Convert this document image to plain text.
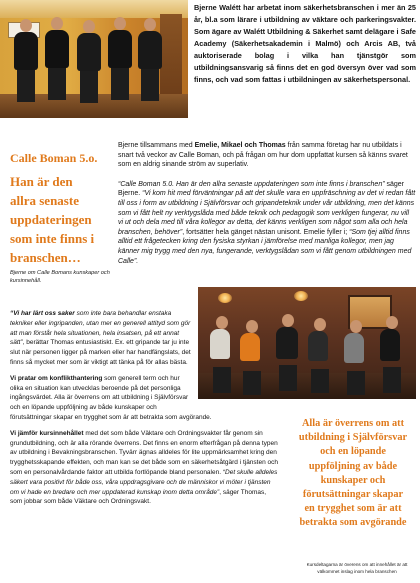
Bjerne Walétt har arbetat inom säkerhetsbranschen i mer än 25 år, bl.a som lärare i utbildning av väktare och parkeringsvakter. Som ägare av Walétt Utbildning & Säkerhet samt delägare i Safe Academy (Säkerhetsakademin i Malmö) och Arcis AB, två auktoriserade bolag i vilka han tjänstgör som utbildningsansvarig så finns det en god översyn över vad som finns, och vad som fattas i utbildningen av säkerhetspersonal.

Calle Boman 5.o.
Han är den
allra senaste
uppdateringen
som inte finns i
branschen…
Bjerne om Calle Bomans kunskaper och kursinnehåll.

Bjerne tillsammans med Emelie, Mikael och Thomas från samma företag har nu utbildats i snart två veckor av Calle Boman, och på frågan om hur dom uppfattat kursen så känns svaret som en aldrig sinande ström av superlativ.

“Calle Boman 5.0. Han är den allra senaste uppdateringen som inte finns i branschen” säger Bjerne. “Vi kom hit med förväntningar på att det skulle vara en uppfräschning av det vi redan fått till oss i form av utbildning i Självförsvar och gripandeteknik under vår utbildning, men det känns som vi fått helt ny verktygslåda med både teknik och pedagogik som verkligen fungerar, nu vill vi ut och dela med till våra kollegor av detta, det känns verkligen som något som alla och hela branschen, behöver”, fortsätter hela gänget nästan unisont. Emelie fyller i; “Som tjej alltid finns alltid ett frågetecken kring den fysiska styrkan i jämförelse med manliga kollegor, men jag känner mig trygg med den nya, fungerande, verktygslådan som vi fått genom utbildningen med Calle”.

Alla är överrens om att
utbildning i Självförsvar
och en löpande
uppföljning av både
kunskaper och
förutsättningar skapar
en trygghet som är att
betrakta som avgörande

“Vi har lärt oss saker som inte bara behandlar enstaka tekniker eller ingripanden, utan mer en generell attityd som gör att man förstår hela situationen, hela insatsen, på ett annat sätt”, berättar Thomas entusiastiskt. Ex. ett gripande tar ju inte slut när personen ligger på marken eller har handfängslats, det finns så mycket mer som är viktigt att tänka på för allas bästa.

Vi pratar om konflikthantering som generell term och hur olika en situation kan utvecklas beroende på det personliga ingångsvärdet. Alla är överrens om att utbildning i Självförsvar och en löpande uppföljning av både kunskaper och förutsättningar skapar en trygghet som är att betrakta som avgörande.

Vi jämför kursinnehållet med det som både Väktare och Ordningsvakter får genom sin grundutbildning, och är alla rörande överrens. Det finns en enorm efterfrågan på denna typen av utbildning i Bevakningsbranschen. Tyvärr ägnas alldeles för lite uppmärksamhet kring den trygghetsskapande effekten, och man kan se det både som en säkerhetsåtgärd i tjänsten och som en personalvårdande faktor att utbilda fortlöpande bland personalen. “Det skulle alldeles säkert vara positivt för både oss, våra uppdragsgivare och de människor vi möter i tjänsten om vi hade en bredare och mer uppdaterad kunskap inom detta område”, säger Thomas, som jobbar som både Väktare och Ordningsvakt.

Kursdeltagarna är överens om att innehållet är att välkommet inslag inom hela branschen
